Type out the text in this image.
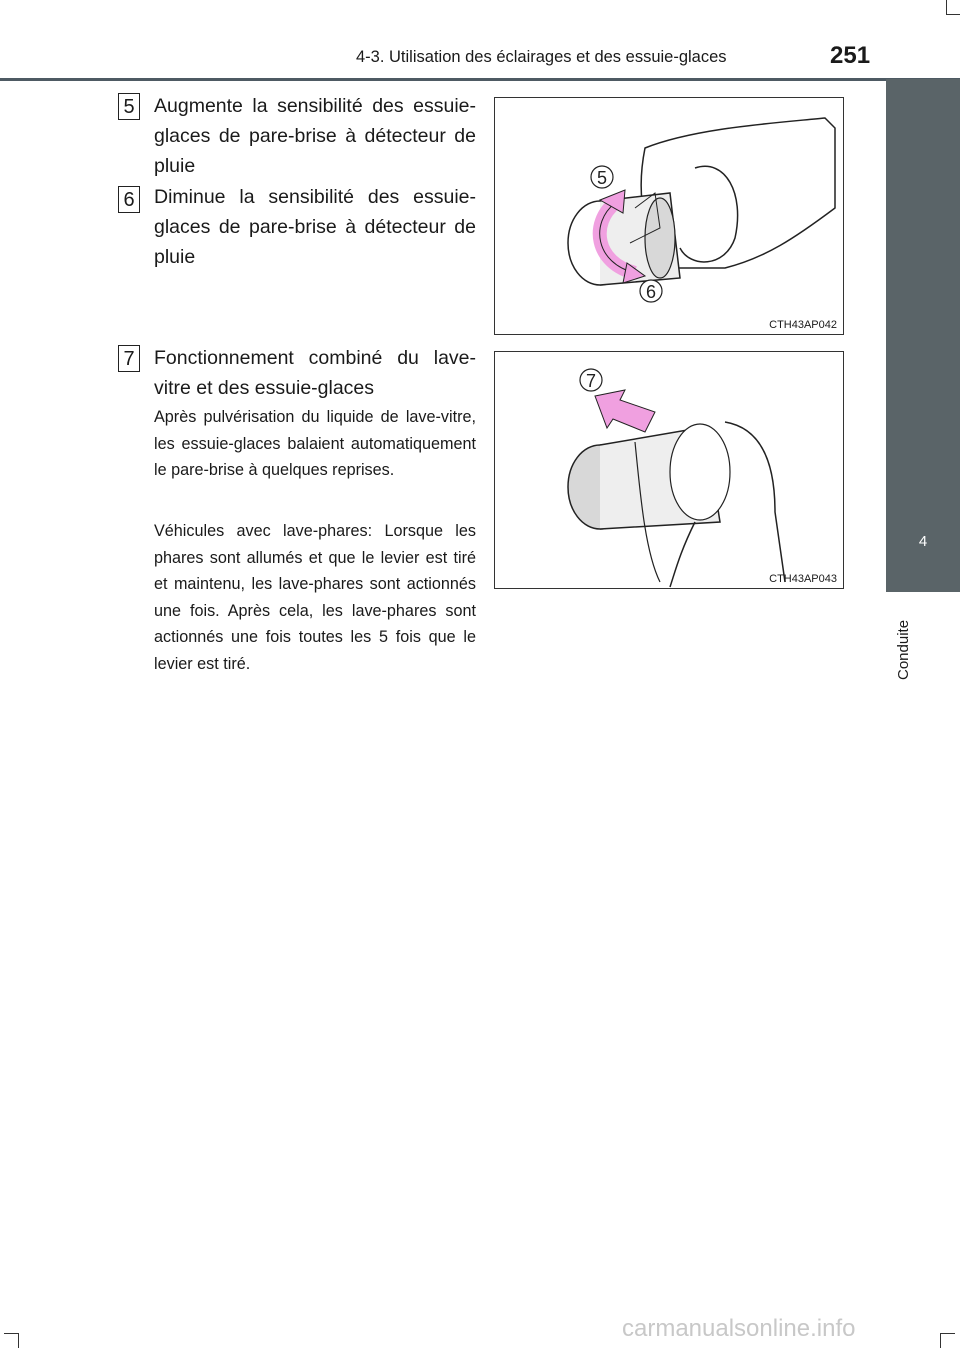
4-3. Utilisation des éclairages et des essuie-glaces	251
4
Conduite
5 Augmente la sensibilité des essuie-glaces de pare-brise à détecteur de pluie
6 Diminue la sensibilité des essuie-glaces de pare-brise à détecteur de pluie
7 Fonctionnement combiné du lave-vitre et des essuie-glaces
Après pulvérisation du liquide de lave-vitre, les essuie-glaces balaient automatiquement le pare-brise à quelques reprises.
Véhicules avec lave-phares: Lorsque les phares sont allumés et que le levier est tiré et maintenu, les lave-phares sont actionnés une fois. Après cela, les lave-phares sont actionnés une fois toutes les 5 fois que le levier est tiré.
5
6
CTH43AP042
7
CTH43AP043
carmanualsonline.info
